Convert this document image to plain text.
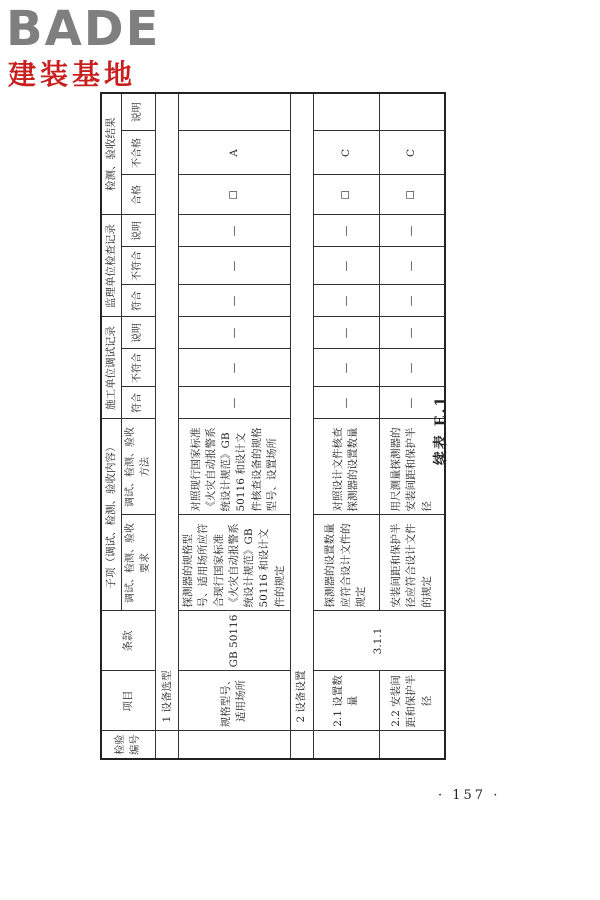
BADE
建装基地
检验编号	项目	条款	子项（调试、检测、验收内容）		施工单位调试记录			监理单位检查记录			检测、验收结果		
			调试、检测、验收要求	调试、检测、验收方法	符合	不符合	说明	符合	不符合	说明	合格	不合格	说明
	1 设备选型												
	规格型号、适用场所	GB 50116	探测器的规格型号、适用场所应符合现行国家标准《火灾自动报警系统设计规范》GB 50116 和设计文件的规定	对照现行国家标准《火灾自动报警系统设计规范》GB 50116 和设计文件核查设备的规格型号、设置场所	—	—	—	—	—	—	☐	A	
	2 设备设置												
	2.1 设置数量	3.1.1	探测器的设置数量应符合设计文件的规定	对照设计文件核查探测器的设置数量	—	—	—	—	—	—	☐	C	
	2.2 安装间距和保护半径		安装间距和保护半径应符合设计文件的规定	用尺测量探测器的安装间距和保护半径	—	—	—	—	—	—	☐	C	
续表 E.1
· 157 ·
